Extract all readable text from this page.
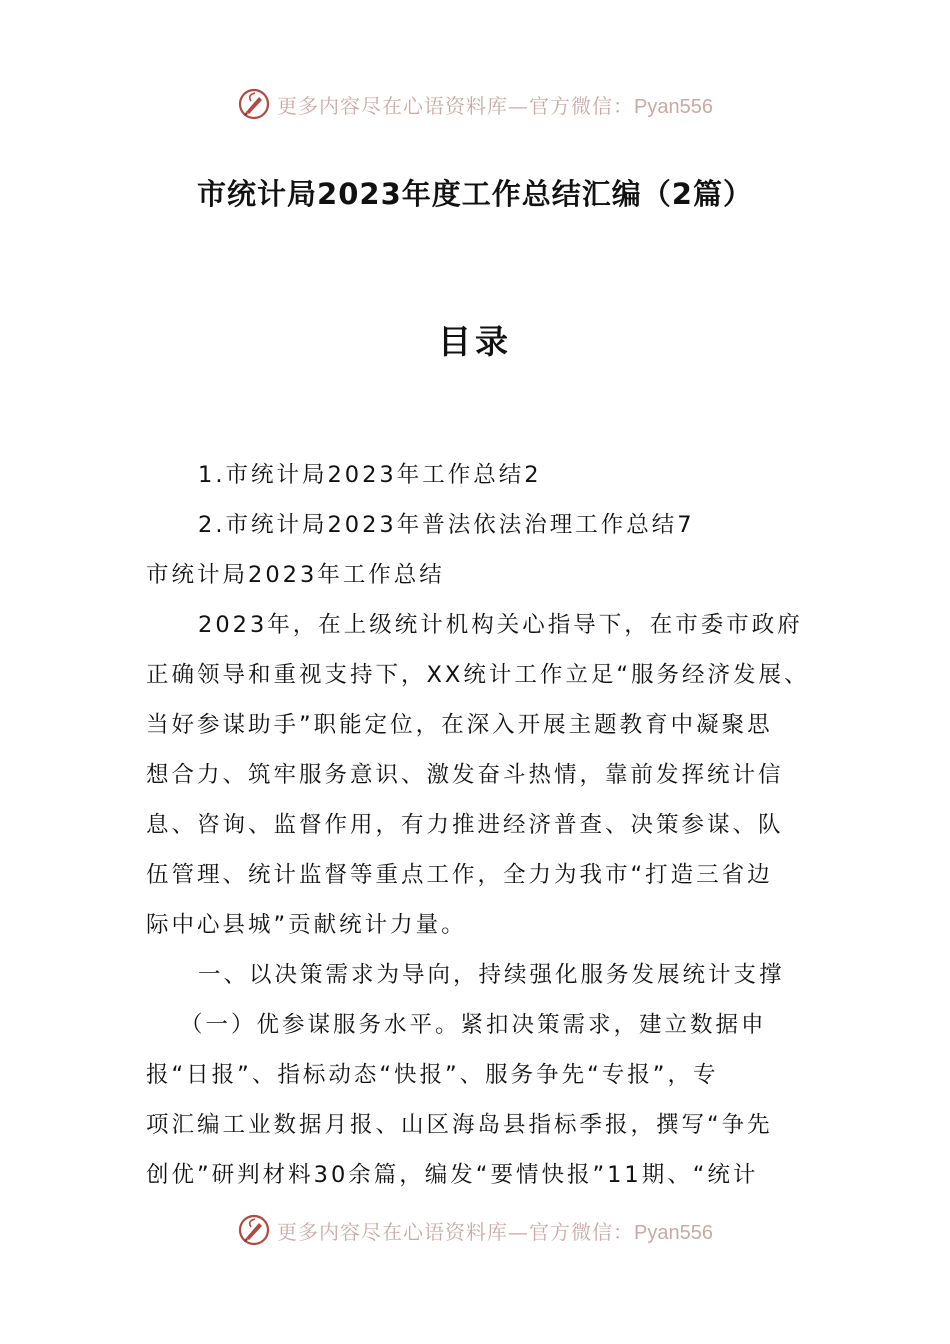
更多内容尽在心语资料库—官方微信：Pyan556
市统计局2023年度工作总结汇编（2篇）
目录
1.市统计局2023年工作总结2
2.市统计局2023年普法依法治理工作总结7
市统计局2023年工作总结
2023年，在上级统计机构关心指导下，在市委市政府
正确领导和重视支持下，XX统计工作立足“服务经济发展、
当好参谋助手”职能定位，在深入开展主题教育中凝聚思
想合力、筑牢服务意识、激发奋斗热情，靠前发挥统计信
息、咨询、监督作用，有力推进经济普查、决策参谋、队
伍管理、统计监督等重点工作，全力为我市“打造三省边
际中心县城”贡献统计力量。
一、以决策需求为导向，持续强化服务发展统计支撑
（一）优参谋服务水平。紧扣决策需求，建立数据申
报“日报”、指标动态“快报”、服务争先“专报”，专
项汇编工业数据月报、山区海岛县指标季报，撰写“争先
创优”研判材料30余篇，编发“要情快报”11期、“统计
更多内容尽在心语资料库—官方微信：Pyan556
